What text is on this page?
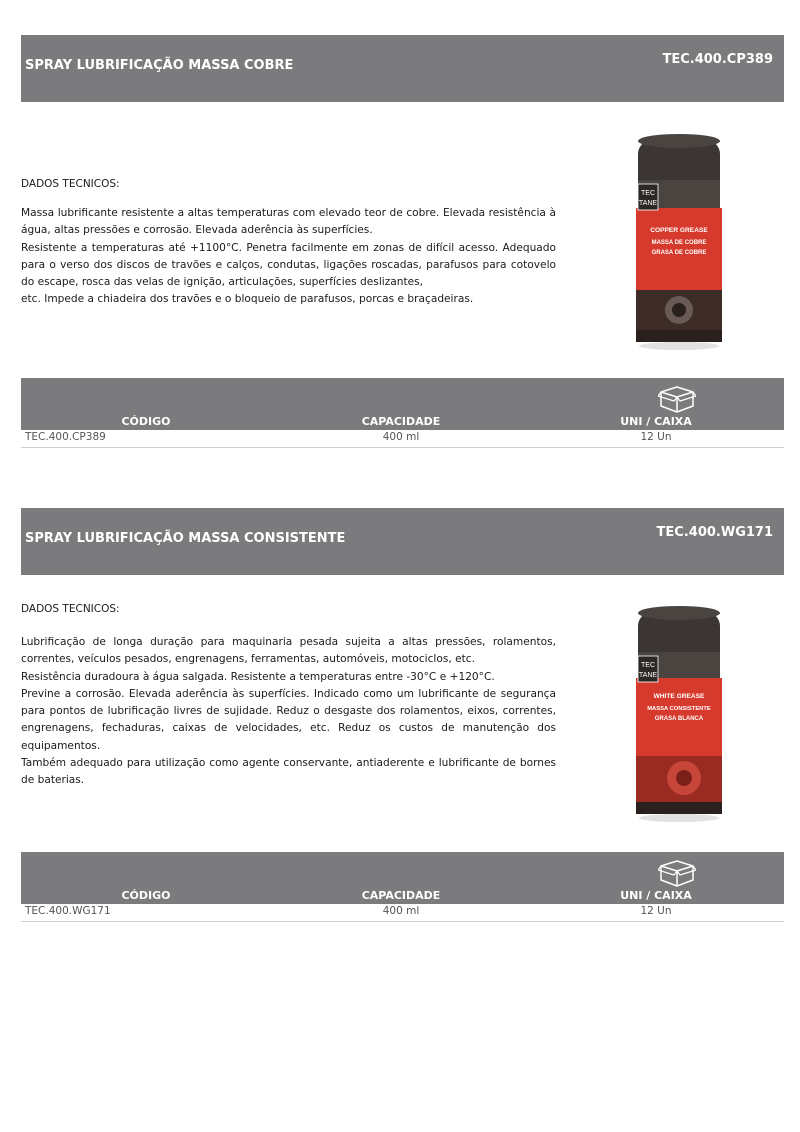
SPRAY LUBRIFICAÇÃO MASSA COBRE	TEC.400.CP389
DADOS TECNICOS:

Massa lubrificante resistente a altas temperaturas com elevado teor de cobre. Elevada resistência à água, altas pressões e corrosão. Elevada aderência às superfícies.

Resistente a temperaturas até +1100°C. Penetra facilmente em zonas de difícil acesso. Adequado para o verso dos discos de travões e calços, condutas, ligações roscadas, parafusos para cotovelo do escape, rosca das velas de ignição, articulações, superfícies deslizantes,

etc. Impede a chiadeira dos travões e o bloqueio de parafusos, porcas e braçadeiras.

TEC
TANE
COPPER GREASE
MASSA DE COBRE
GRASA DE COBRE
CÓDIGO	CAPACIDADE	UNI / CAIXA
TEC.400.CP389	400 ml	12 Un
SPRAY LUBRIFICAÇÃO MASSA CONSISTENTE	TEC.400.WG171
DADOS TECNICOS:

Lubrificação de longa duração para maquinaria pesada sujeita a altas pressões, rolamentos, correntes, veículos pesados, engrenagens, ferramentas, automóveis, motociclos, etc.

Resistência duradoura à água salgada. Resistente a temperaturas entre -30°C e +120°C.

Previne a corrosão. Elevada aderência às superfícies. Indicado como um lubrificante de segurança para pontos de lubrificação livres de sujidade. Reduz o desgaste dos rolamentos, eixos, correntes, engrenagens, fechaduras, caixas de velocidades, etc. Reduz os custos de manutenção dos equipamentos.

Também adequado para utilização como agente conservante, antiaderente e lubrificante de bornes de baterias.

TEC
TANE
WHITE GREASE
MASSA CONSISTENTE
GRASA BLANCA
CÓDIGO	CAPACIDADE	UNI / CAIXA
TEC.400.WG171	400 ml	12 Un
